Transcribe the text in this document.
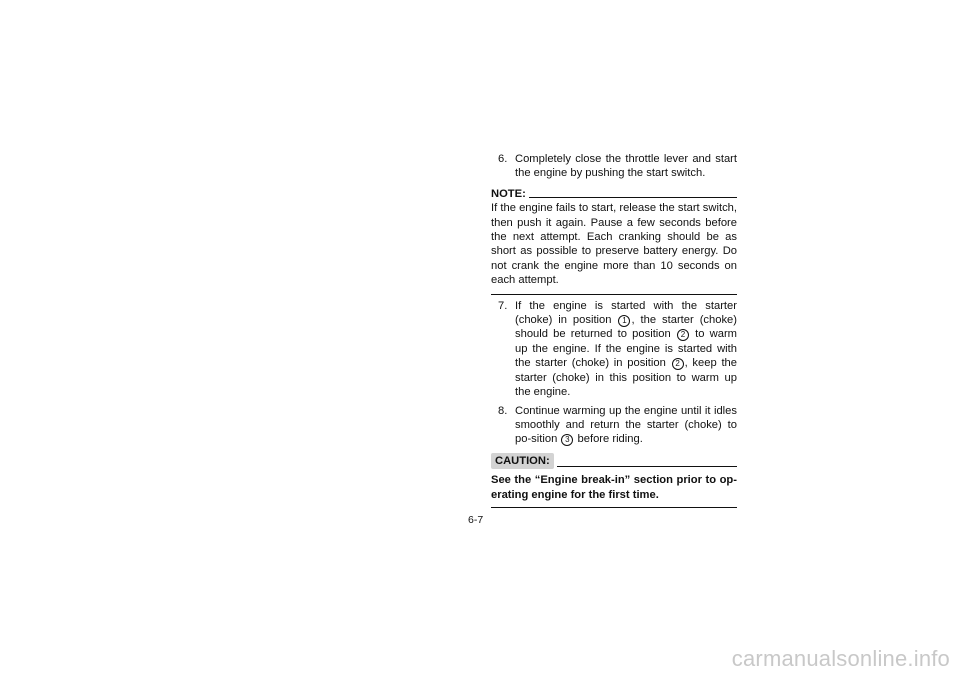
6. Completely close the throttle lever and start the engine by pushing the start switch.
NOTE:
If the engine fails to start, release the start switch, then push it again. Pause a few seconds before the next attempt. Each cranking should be as short as possible to preserve battery energy. Do not crank the engine more than 10 seconds on each attempt.
7. If the engine is started with the starter (choke) in position 1 , the starter (choke) should be returned to position 2 to warm up the engine. If the engine is started with the starter (choke) in position 2 , keep the starter (choke) in this position to warm up the engine.
8. Continue warming up the engine until it idles smoothly and return the starter (choke) to po-sition 3 before riding.
CAUTION:
See the “Engine break-in” section prior to op-erating engine for the first time.
6-7
carmanualsonline.info
